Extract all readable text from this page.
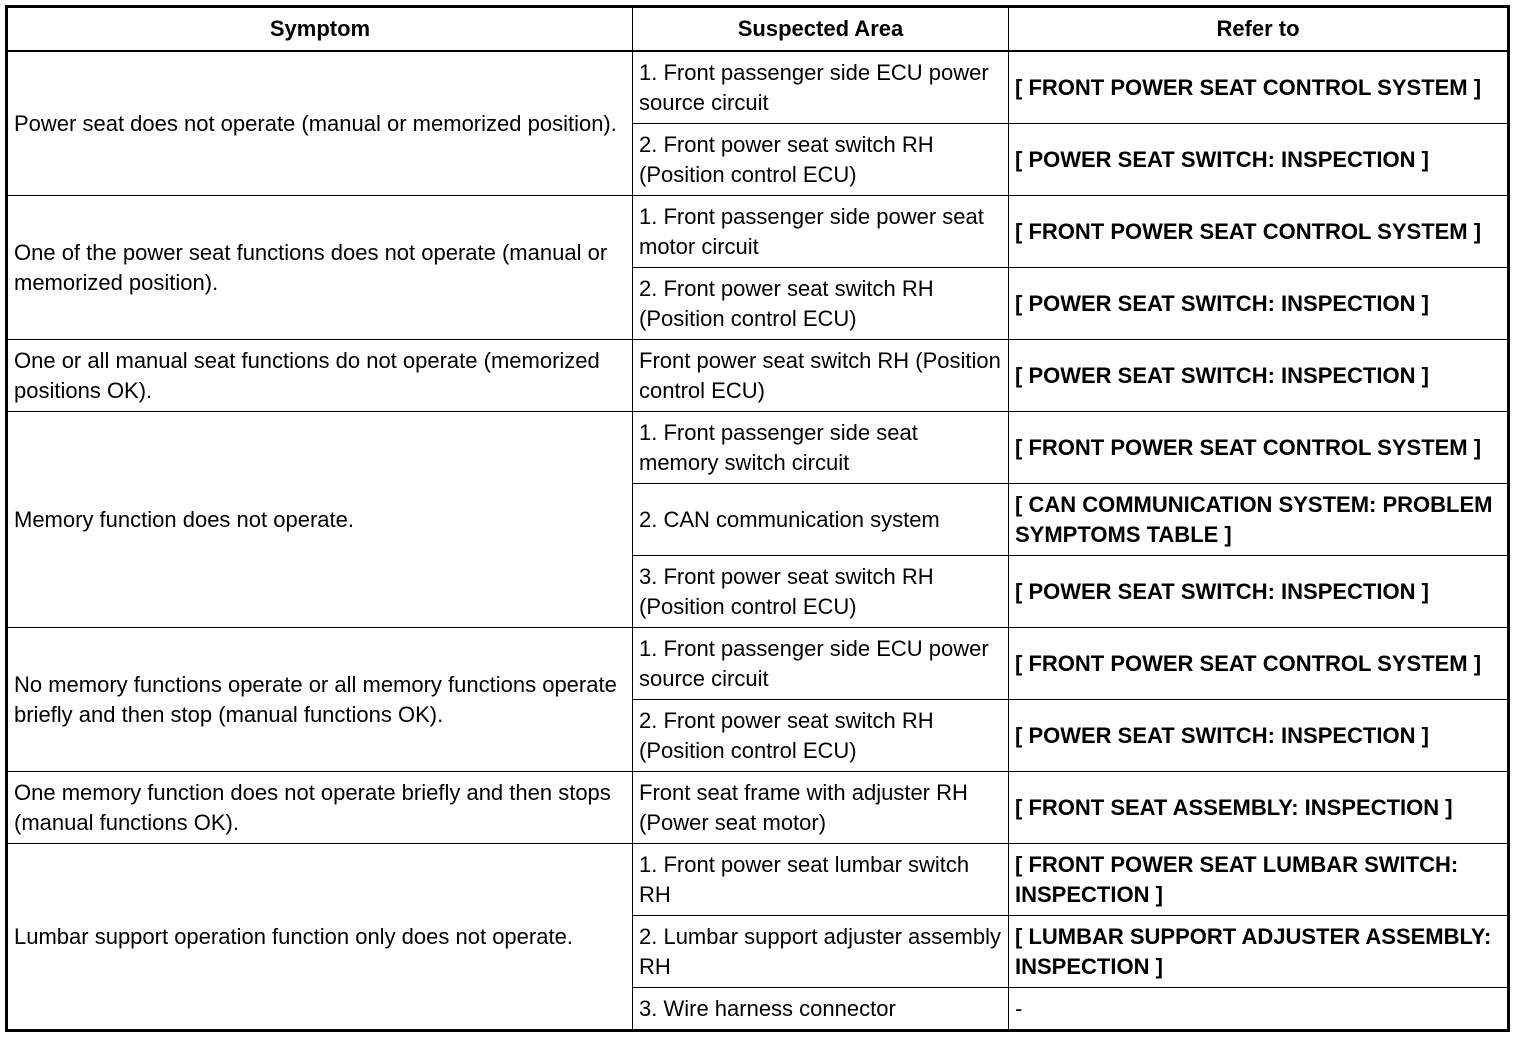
Symptom	Suspected Area	Refer to
Power seat does not operate (manual or memorized position).	1. Front passenger side ECU power source circuit	[ FRONT POWER SEAT CONTROL SYSTEM ]
	2. Front power seat switch RH (Position control ECU)	[ POWER SEAT SWITCH: INSPECTION ]
One of the power seat functions does not operate (manual or memorized position).	1. Front passenger side power seat motor circuit	[ FRONT POWER SEAT CONTROL SYSTEM ]
	2. Front power seat switch RH (Position control ECU)	[ POWER SEAT SWITCH: INSPECTION ]
One or all manual seat functions do not operate (memorized positions OK).	Front power seat switch RH (Position control ECU)	[ POWER SEAT SWITCH: INSPECTION ]
Memory function does not operate.	1. Front passenger side seat memory switch circuit	[ FRONT POWER SEAT CONTROL SYSTEM ]
	2. CAN communication system	[ CAN COMMUNICATION SYSTEM: PROBLEM SYMPTOMS TABLE ]
	3. Front power seat switch RH (Position control ECU)	[ POWER SEAT SWITCH: INSPECTION ]
No memory functions operate or all memory functions operate briefly and then stop (manual functions OK).	1. Front passenger side ECU power source circuit	[ FRONT POWER SEAT CONTROL SYSTEM ]
	2. Front power seat switch RH (Position control ECU)	[ POWER SEAT SWITCH: INSPECTION ]
One memory function does not operate briefly and then stops (manual functions OK).	Front seat frame with adjuster RH (Power seat motor)	[ FRONT SEAT ASSEMBLY: INSPECTION ]
Lumbar support operation function only does not operate.	1. Front power seat lumbar switch RH	[ FRONT POWER SEAT LUMBAR SWITCH: INSPECTION ]
	2. Lumbar support adjuster assembly RH	[ LUMBAR SUPPORT ADJUSTER ASSEMBLY: INSPECTION ]
	3. Wire harness connector	-
